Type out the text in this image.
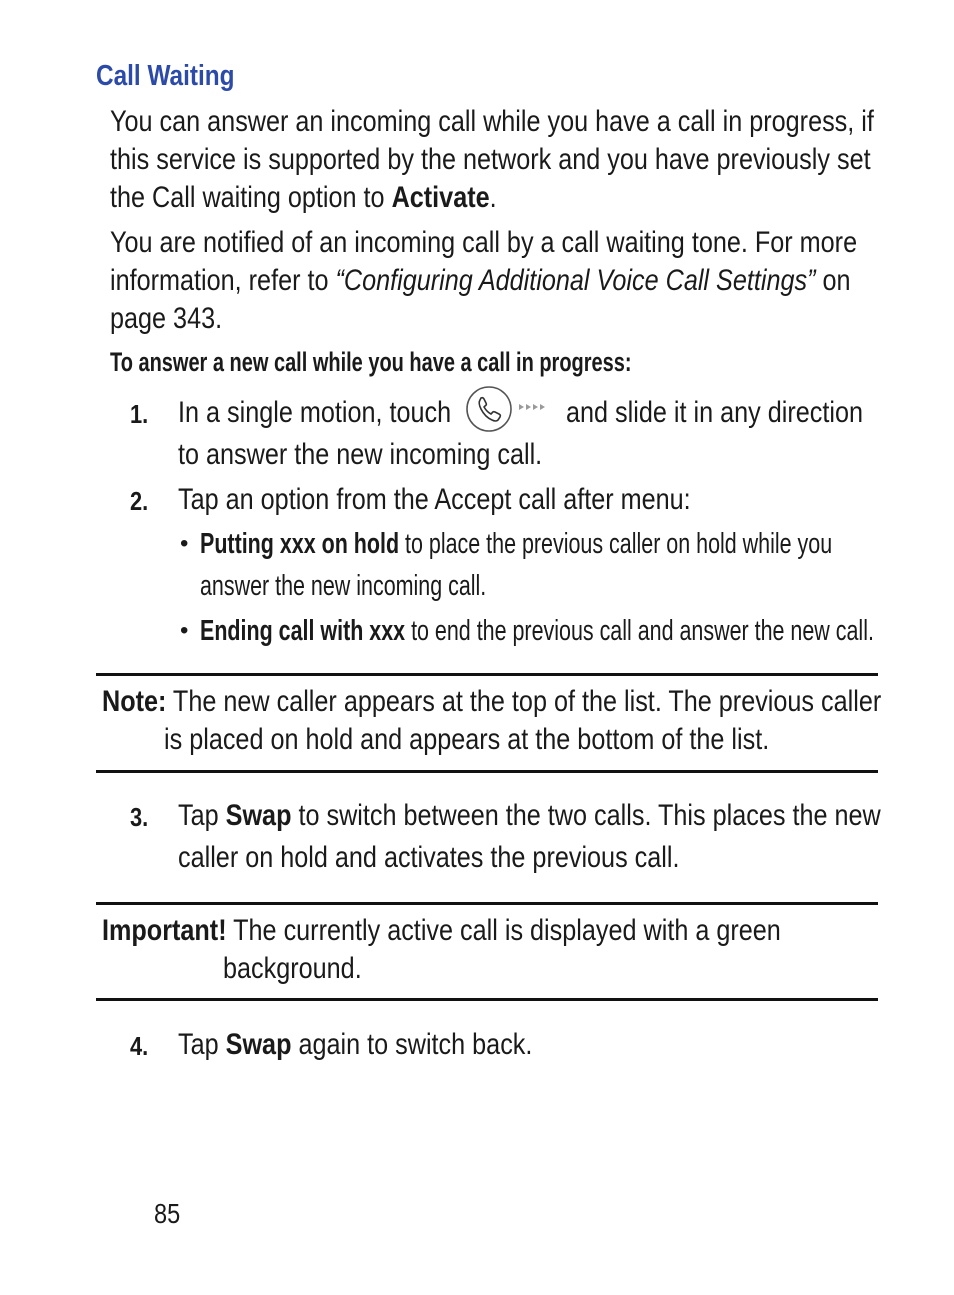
Call Waiting
You can answer an incoming call while you have a call in progress, if
this service is supported by the network and you have previously set
the Call waiting option to Activate.
You are notified of an incoming call by a call waiting tone. For more
information, refer to “Configuring Additional Voice Call Settings” on
page 343.
To answer a new call while you have a call in progress:
1. In a single motion, touch	and slide it in any direction
to answer the new incoming call.
2. Tap an option from the Accept call after menu:
• Putting xxx on hold to place the previous caller on hold while you
answer the new incoming call.
• Ending call with xxx to end the previous call and answer the new call.
Note: The new caller appears at the top of the list. The previous caller
is placed on hold and appears at the bottom of the list.
3. Tap Swap to switch between the two calls. This places the new
caller on hold and activates the previous call.
Important! The currently active call is displayed with a green
background.
4. Tap Swap again to switch back.
85
